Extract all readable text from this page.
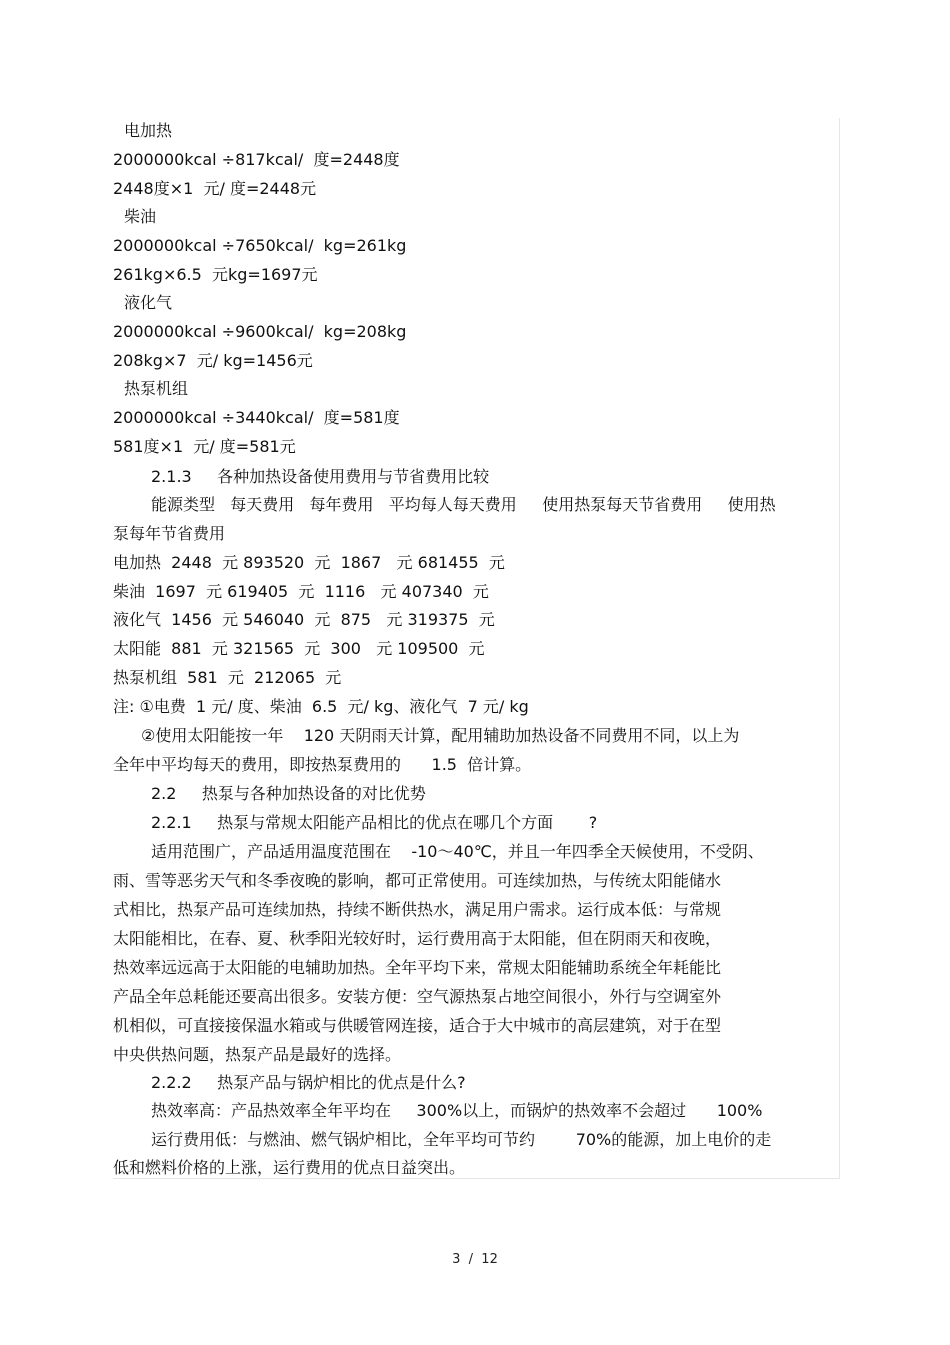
电加热
2000000kcal ÷817kcal/  度=2448度
2448度×1  元/ 度=2448元
柴油
2000000kcal ÷7650kcal/  kg=261kg
261kg×6.5  元kg=1697元
液化气
2000000kcal ÷9600kcal/  kg=208kg
208kg×7  元/ kg=1456元
热泵机组
2000000kcal ÷3440kcal/  度=581度
581度×1  元/ 度=581元
2.1.3     各种加热设备使用费用与节省费用比较
能源类型   每天费用   每年费用   平均每人每天费用     使用热泵每天节省费用     使用热
泵每年节省费用
电加热  2448  元 893520  元  1867   元 681455  元
柴油  1697  元 619405  元  1116   元 407340  元
液化气  1456  元 546040  元  875   元 319375  元
太阳能  881  元 321565  元  300   元 109500  元
热泵机组  581  元  212065  元
注: ①电费  1 元/ 度、柴油  6.5  元/ kg、液化气  7 元/ kg
②使用太阳能按一年    120 天阴雨天计算，配用辅助加热设备不同费用不同，以上为
全年中平均每天的费用，即按热泵费用的      1.5  倍计算。
2.2     热泵与各种加热设备的对比优势
2.2.1     热泵与常规太阳能产品相比的优点在哪几个方面       ?
适用范围广，产品适用温度范围在    -10～40℃，并且一年四季全天候使用，不受阴、
雨、雪等恶劣天气和冬季夜晚的影响，都可正常使用。可连续加热，与传统太阳能储水
式相比，热泵产品可连续加热，持续不断供热水，满足用户需求。运行成本低：与常规
太阳能相比，在春、夏、秋季阳光较好时，运行费用高于太阳能，但在阴雨天和夜晚，
热效率远远高于太阳能的电辅助加热。全年平均下来，常规太阳能辅助系统全年耗能比
产品全年总耗能还要高出很多。安装方便：空气源热泵占地空间很小，外行与空调室外
机相似，可直接接保温水箱或与供暖管网连接，适合于大中城市的高层建筑，对于在型
中央供热问题，热泵产品是最好的选择。
2.2.2     热泵产品与锅炉相比的优点是什么?
热效率高：产品热效率全年平均在     300%以上，而锅炉的热效率不会超过      100%
运行费用低：与燃油、燃气锅炉相比，全年平均可节约        70%的能源，加上电价的走
低和燃料价格的上涨，运行费用的优点日益突出。
3  /  12
